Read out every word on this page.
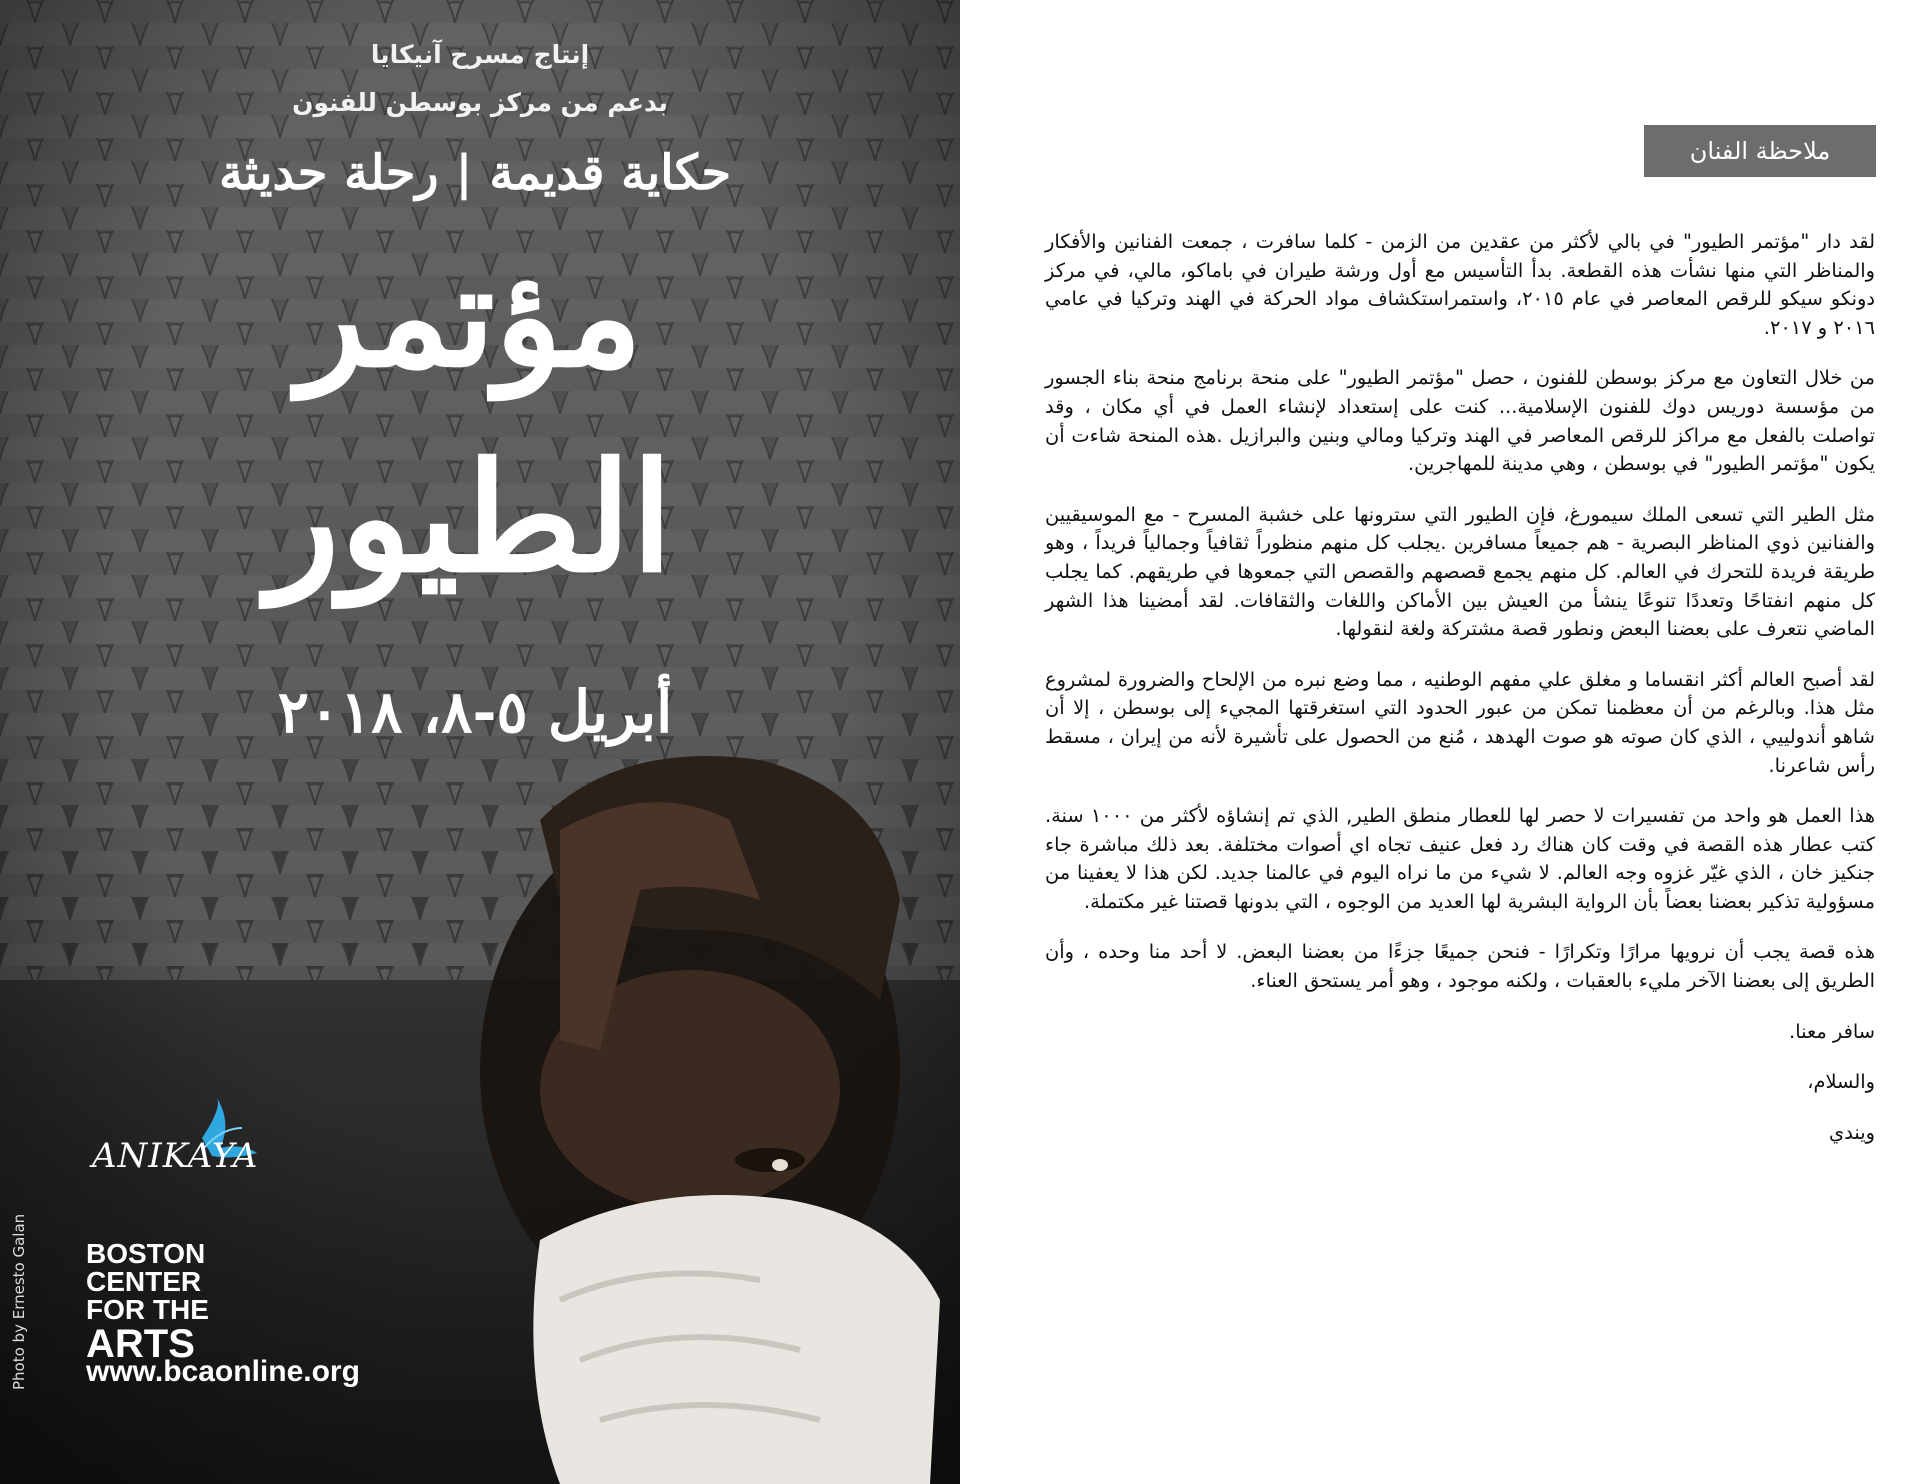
إنتاج مسرح آنيكايا
بدعم من مركز بوسطن للفنون
حكاية قديمة | رحلة حديثة
مؤتمر
الطيور
أبريل ٥-٨، ٢٠١٨
Photo by Ernesto Galan
ANIKAYA
BOSTON
CENTER
FOR THE
ARTS
www.bcaonline.org
ملاحظة الفنان

لقد دار "مؤتمر الطيور" في بالي لأكثر من عقدين من الزمن - كلما سافرت ، جمعت الفنانين والأفكار والمناظر التي منها نشأت هذه القطعة. بدأ التأسيس مع أول ورشة طيران في باماكو، مالي، في مركز دونكو سيكو للرقص المعاصر في عام ٢٠١٥، واستمراستكشاف مواد الحركة في الهند وتركيا في عامي ٢٠١٦ و ٢٠١٧.

من خلال التعاون مع مركز بوسطن للفنون ، حصل "مؤتمر الطيور" على منحة برنامج منحة بناء الجسور من مؤسسة دوريس دوك للفنون الإسلامية... كنت على إستعداد لإنشاء العمل في أي مكان ، وقد تواصلت بالفعل مع مراكز للرقص المعاصر في الهند وتركيا ومالي وبنين والبرازيل .هذه المنحة شاءت أن يكون "مؤتمر الطيور" في بوسطن ، وهي مدينة للمهاجرين.

مثل الطير التي تسعى الملك سيمورغ، فإن الطيور التي سترونها على خشبة المسرح - مع الموسيقيين والفنانين ذوي المناظر البصرية - هم جميعاً مسافرين .يجلب كل منهم منظوراً ثقافياً وجمالياً فريداً ، وهو طريقة فريدة للتحرك في العالم. كل منهم يجمع قصصهم والقصص التي جمعوها في طريقهم. كما يجلب كل منهم انفتاحًا وتعددًا تنوعًا ينشأ من العيش بين الأماكن واللغات والثقافات. لقد أمضينا هذا الشهر الماضي نتعرف على بعضنا البعض ونطور قصة مشتركة ولغة لنقولها.

لقد أصبح العالم أكثر انقساما و مغلق علي مفهم الوطنيه ، مما وضع نبره من الإلحاح والضرورة لمشروع مثل هذا. وبالرغم من أن معظمنا تمكن من عبور الحدود التي استغرقتها المجيء إلى بوسطن ، إلا أن شاهو أندولييي ، الذي كان صوته هو صوت الهدهد ، مُنع من الحصول على تأشيرة لأنه من إيران ، مسقط رأس شاعرنا.

هذا العمل هو واحد من تفسيرات لا حصر لها للعطار منطق الطير, الذي تم إنشاؤه لأكثر من ١٠٠٠ سنة. كتب عطار هذه القصة في وقت كان هناك رد فعل عنيف تجاه اي أصوات مختلفة. بعد ذلك مباشرة جاء جنكيز خان ، الذي غيّر غزوه وجه العالم. لا شيء من ما نراه اليوم في عالمنا جديد. لكن هذا لا يعفينا من مسؤولية تذكير بعضنا بعضاً بأن الرواية البشرية لها العديد من الوجوه ، التي بدونها قصتنا غير مكتملة.

هذه قصة يجب أن نرويها مرارًا وتكرارًا - فنحن جميعًا جزءًا من بعضنا البعض. لا أحد منا وحده ، وأن الطريق إلى بعضنا الآخر مليء بالعقبات ، ولكنه موجود ، وهو أمر يستحق العناء.

سافر معنا.

والسلام،

ويندي
